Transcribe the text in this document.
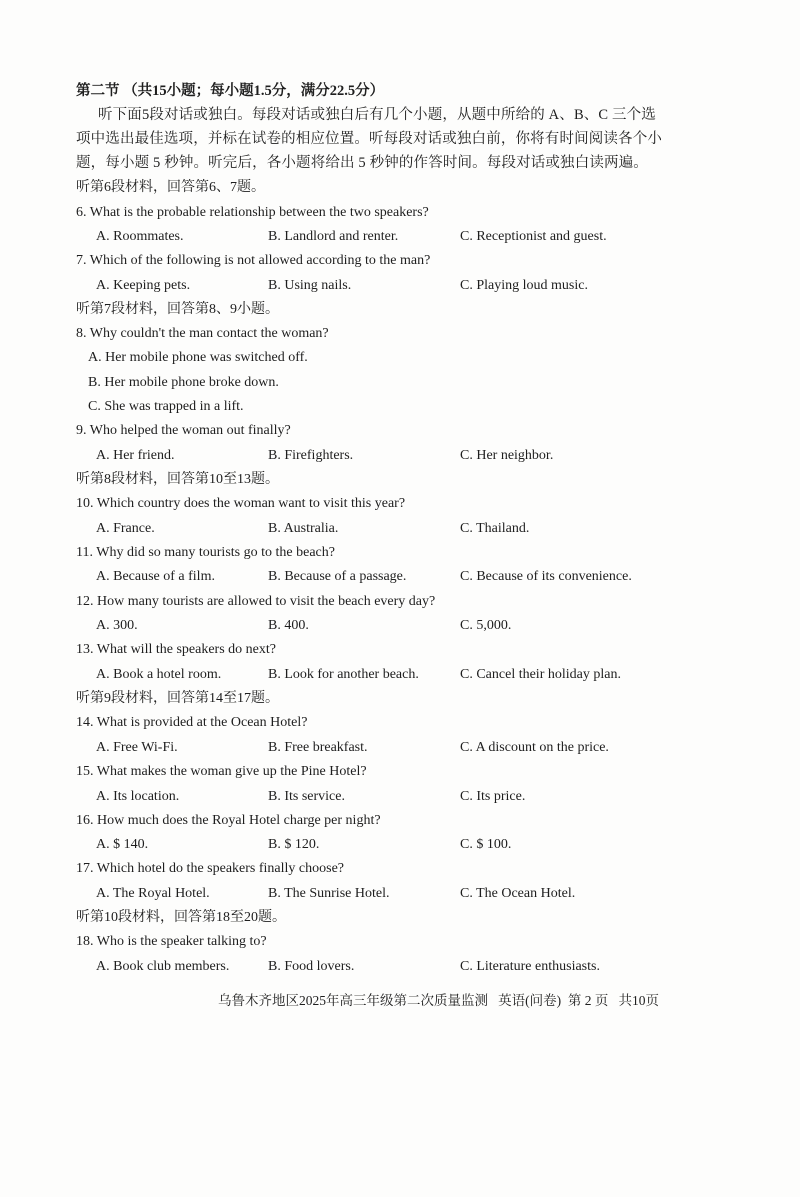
第二节 （共15小题；每小题1.5分，满分22.5分）
听下面5段对话或独白。每段对话或独白后有几个小题，从题中所给的 A、B、C 三个选
项中选出最佳选项，并标在试卷的相应位置。听每段对话或独白前，你将有时间阅读各个小
题，每小题 5 秒钟。听完后，各小题将给出 5 秒钟的作答时间。每段对话或独白读两遍。
听第6段材料，回答第6、7题。
6. What is the probable relationship between the two speakers?
A. Roommates.	B. Landlord and renter.	C. Receptionist and guest.
7. Which of the following is not allowed according to the man?
A. Keeping pets.	B. Using nails.	C. Playing loud music.
听第7段材料，回答第8、9小题。
8. Why couldn't the man contact the woman?
A. Her mobile phone was switched off.
B. Her mobile phone broke down.
C. She was trapped in a lift.
9. Who helped the woman out finally?
A. Her friend.	B. Firefighters.	C. Her neighbor.
听第8段材料，回答第10至13题。
10. Which country does the woman want to visit this year?
A. France.	B. Australia.	C. Thailand.
11. Why did so many tourists go to the beach?
A. Because of a film.	B. Because of a passage.	C. Because of its convenience.
12. How many tourists are allowed to visit the beach every day?
A. 300.	B. 400.	C. 5,000.
13. What will the speakers do next?
A. Book a hotel room.	B. Look for another beach.	C. Cancel their holiday plan.
听第9段材料，回答第14至17题。
14. What is provided at the Ocean Hotel?
A. Free Wi-Fi.	B. Free breakfast.	C. A discount on the price.
15. What makes the woman give up the Pine Hotel?
A. Its location.	B. Its service.	C. Its price.
16. How much does the Royal Hotel charge per night?
A. $ 140.	B. $ 120.	C. $ 100.
17. Which hotel do the speakers finally choose?
A. The Royal Hotel.	B. The Sunrise Hotel.	C. The Ocean Hotel.
听第10段材料，回答第18至20题。
18. Who is the speaker talking to?
A. Book club members.	B. Food lovers.	C. Literature enthusiasts.
乌鲁木齐地区2025年高三年级第二次质量监测 英语(问卷) 第 2 页 共10页
